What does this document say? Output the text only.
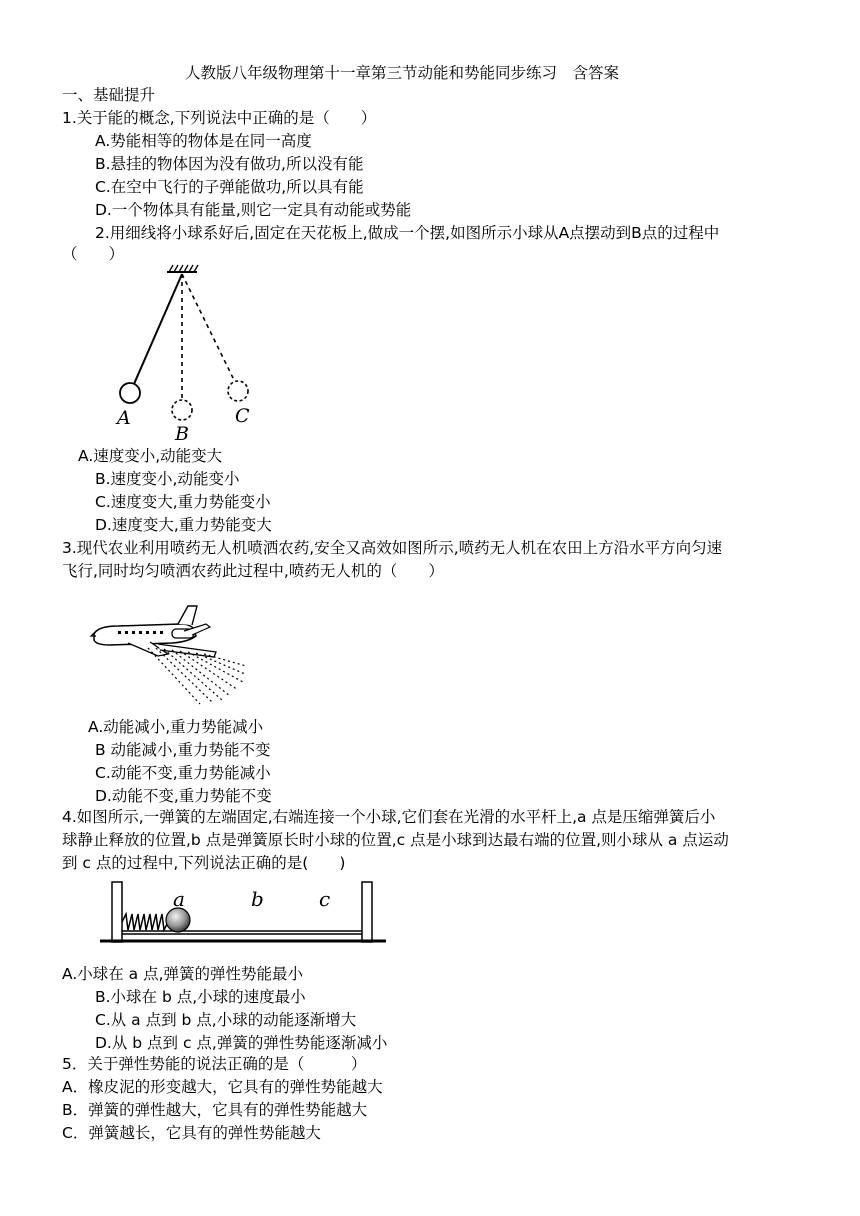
人教版八年级物理第十一章第三节动能和势能同步练习　含答案
一、基础提升
1.关于能的概念,下列说法中正确的是（　　）
A.势能相等的物体是在同一高度
B.悬挂的物体因为没有做功,所以没有能
C.在空中飞行的子弹能做功,所以具有能
D.一个物体具有能量,则它一定具有动能或势能
2.用细线将小球系好后,固定在天花板上,做成一个摆,如图所示小球从A点摆动到B点的过程中
（　　）
A
B
C
A.速度变小,动能变大
B.速度变小,动能变小
C.速度变大,重力势能变小
D.速度变大,重力势能变大
3.现代农业利用喷药无人机喷洒农药,安全又高效如图所示,喷药无人机在农田上方沿水平方向匀速
飞行,同时均匀喷洒农药此过程中,喷药无人机的（　　）
A.动能减小,重力势能减小
B 动能减小,重力势能不变
C.动能不变,重力势能减小
D.动能不变,重力势能不变
4.如图所示,一弹簧的左端固定,右端连接一个小球,它们套在光滑的水平杆上,a 点是压缩弹簧后小
球静止释放的位置,b 点是弹簧原长时小球的位置,c 点是小球到达最右端的位置,则小球从 a 点运动
到 c 点的过程中,下列说法正确的是(　　)
a	b	c
A.小球在 a 点,弹簧的弹性势能最小
B.小球在 b 点,小球的速度最小
C.从 a 点到 b 点,小球的动能逐渐增大
D.从 b 点到 c 点,弹簧的弹性势能逐渐减小
5．关于弹性势能的说法正确的是（　　　）
A．橡皮泥的形变越大，它具有的弹性势能越大
B．弹簧的弹性越大，它具有的弹性势能越大
C．弹簧越长，它具有的弹性势能越大
